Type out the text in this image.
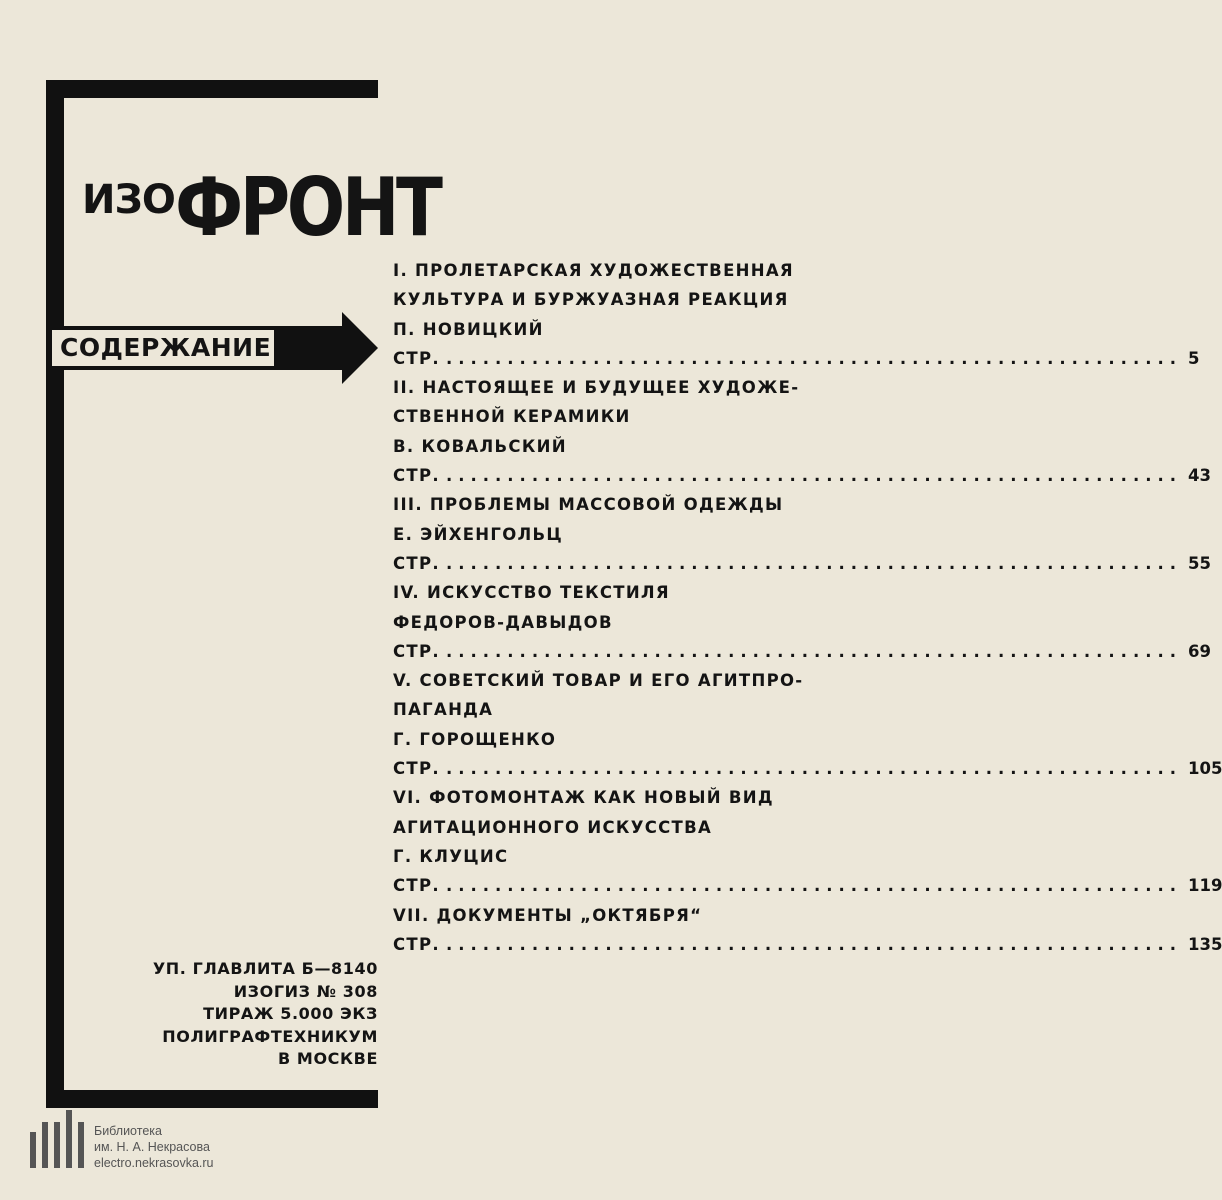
ИЗОФРОНТ
СОДЕРЖАНИЕ
I. ПРОЛЕТАРСКАЯ ХУДОЖЕСТВЕННАЯ
КУЛЬТУРА И БУРЖУАЗНАЯ РЕАКЦИЯ
П. НОВИЦКИЙ
СТР. ............................................................ 5
II. НАСТОЯЩЕЕ И БУДУЩЕЕ ХУДОЖЕ-
СТВЕННОЙ КЕРАМИКИ
В. КОВАЛЬСКИЙ
СТР. ............................................................ 43
III. ПРОБЛЕМЫ МАССОВОЙ ОДЕЖДЫ
Е. ЭЙХЕНГОЛЬЦ
СТР. ............................................................ 55
IV. ИСКУССТВО ТЕКСТИЛЯ
ФЕДОРОВ-ДАВЫДОВ
СТР. ............................................................ 69
V. СОВЕТСКИЙ ТОВАР И ЕГО АГИТПРО-
ПАГАНДА
Г. ГОРОЩЕНКО
СТР. ............................................................ 105
VI. ФОТОМОНТАЖ КАК НОВЫЙ ВИД
АГИТАЦИОННОГО ИСКУССТВА
Г. КЛУЦИС
СТР. ............................................................ 119
VII. ДОКУМЕНТЫ „ОКТЯБРЯ“
СТР. ............................................................ 135
УП. ГЛАВЛИТА Б—8140
ИЗОГИЗ № 308
ТИРАЖ 5.000 ЭКЗ
ПОЛИГРАФТЕХНИКУМ
В МОСКВЕ
Библиотека
им. Н. А. Некрасова
electro.nekrasovka.ru
